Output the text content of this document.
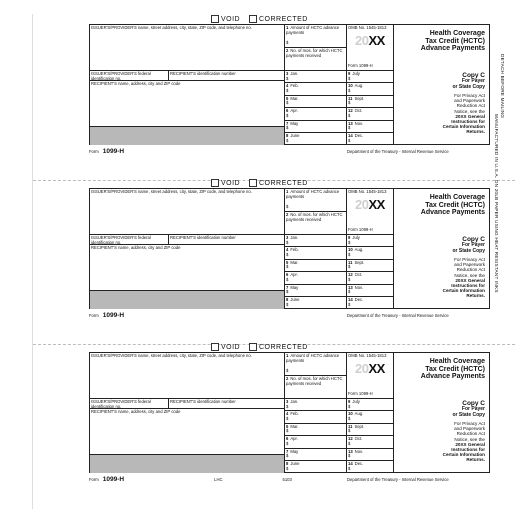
DETACH BEFORE MAILING
MANUFACTURED IN U.S.A. ON 20LB PAPER USING HEAT RESISTANT INKS
VOID	CORRECTED
ISSUER'S/PROVIDER'S name, street address, city, state, ZIP code, and telephone no.	1 Amount of HCTC advance payments
$
2 No. of mos. for which HCTC payments received
OMB No. 1545-1813
20XX
Form 1099-H
Health Coverage
Tax Credit (HCTC)
Advance Payments
ISSUER'S/PROVIDER'S federal identification no.
RECIPIENT'S identification number
RECIPIENT'S name, address, city and ZIP code
3 Jan.
$
4 Feb.
$
5 Mar.
$
6 Apr.
$
7 May
$
8 June
$
9 July
$
10 Aug.
$
11 Sept.
$
12 Oct.
$
13 Nov.
$
14 Dec.
$
Copy C
For Payer
or State Copy
For Privacy Act
and Paperwork
Reduction Act
Notice, see the
20XX General
Instructions for
Certain Information
Returns.
Form 1099-H	Department of the Treasury - Internal Revenue Service
VOID	CORRECTED
ISSUER'S/PROVIDER'S name, street address, city, state, ZIP code, and telephone no.	1 Amount of HCTC advance payments
$
2 No. of mos. for which HCTC payments received
OMB No. 1545-1813
20XX
Form 1099-H
Health Coverage
Tax Credit (HCTC)
Advance Payments
ISSUER'S/PROVIDER'S federal identification no.
RECIPIENT'S identification number
RECIPIENT'S name, address, city and ZIP code
3 Jan.
$
4 Feb.
$
5 Mar.
$
6 Apr.
$
7 May
$
8 June
$
9 July
$
10 Aug.
$
11 Sept.
$
12 Oct.
$
13 Nov.
$
14 Dec.
$
Copy C
For Payer
or State Copy
For Privacy Act
and Paperwork
Reduction Act
Notice, see the
20XX General
Instructions for
Certain Information
Returns.
Form 1099-H	Department of the Treasury - Internal Revenue Service
VOID	CORRECTED
ISSUER'S/PROVIDER'S name, street address, city, state, ZIP code, and telephone no.	1 Amount of HCTC advance payments
$
2 No. of mos. for which HCTC payments received
OMB No. 1545-1813
20XX
Form 1099-H
Health Coverage
Tax Credit (HCTC)
Advance Payments
ISSUER'S/PROVIDER'S federal identification no.
RECIPIENT'S identification number
RECIPIENT'S name, address, city and ZIP code
3 Jan.
$
4 Feb.
$
5 Mar.
$
6 Apr.
$
7 May
$
8 June
$
9 July
$
10 Aug.
$
11 Sept.
$
12 Oct.
$
13 Nov.
$
14 Dec.
$
Copy C
For Payer
or State Copy
For Privacy Act
and Paperwork
Reduction Act
Notice, see the
20XX General
Instructions for
Certain Information
Returns.
Form 1099-H	LHC	5103	Department of the Treasury - Internal Revenue Service
